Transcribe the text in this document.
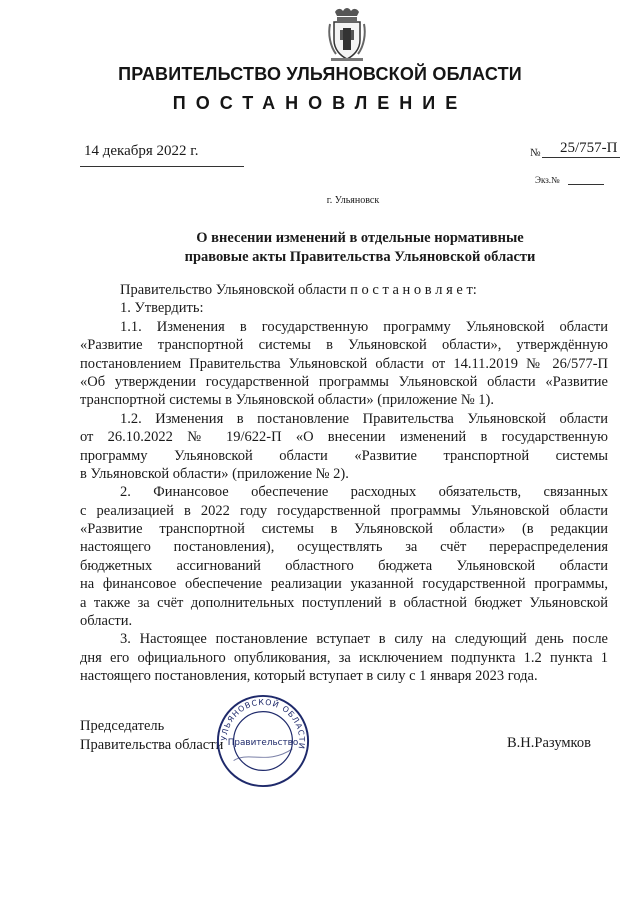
ПРАВИТЕЛЬСТВО УЛЬЯНОВСКОЙ ОБЛАСТИ
ПОСТАНОВЛЕНИЕ
14 декабря 2022 г.	№ 25/757-П
Экз.№
г. Ульяновск
О внесении изменений в отдельные нормативные
правовые акты Правительства Ульяновской области
Правительство Ульяновской области п о с т а н о в л я е т:
1. Утвердить:
1.1. Изменения в государственную программу Ульяновской области
«Развитие транспортной системы в Ульяновской области», утверждённую
постановлением Правительства Ульяновской области от 14.11.2019 № 26/577-П
«Об утверждении государственной программы Ульяновской области «Развитие
транспортной системы в Ульяновской области» (приложение № 1).
1.2. Изменения в постановление Правительства Ульяновской области
от 26.10.2022 № 19/622-П «О внесении изменений в государственную
программу Ульяновской области «Развитие транспортной системы
в Ульяновской области» (приложение № 2).
2. Финансовое обеспечение расходных обязательств, связанных
с реализацией в 2022 году государственной программы Ульяновской области
«Развитие транспортной системы в Ульяновской области» (в редакции
настоящего постановления), осуществлять за счёт перераспределения
бюджетных ассигнований областного бюджета Ульяновской области
на финансовое обеспечение реализации указанной государственной программы,
а также за счёт дополнительных поступлений в областной бюджет Ульяновской
области.
3. Настоящее постановление вступает в силу на следующий день после
дня его официального опубликования, за исключением подпункта 1.2 пункта 1
настоящего постановления, который вступает в силу с 1 января 2023 года.
Председатель
Правительства области
УЛЬЯНОВСКОЙ ОБЛАСТИ
Правительство	В.Н.Разумков
